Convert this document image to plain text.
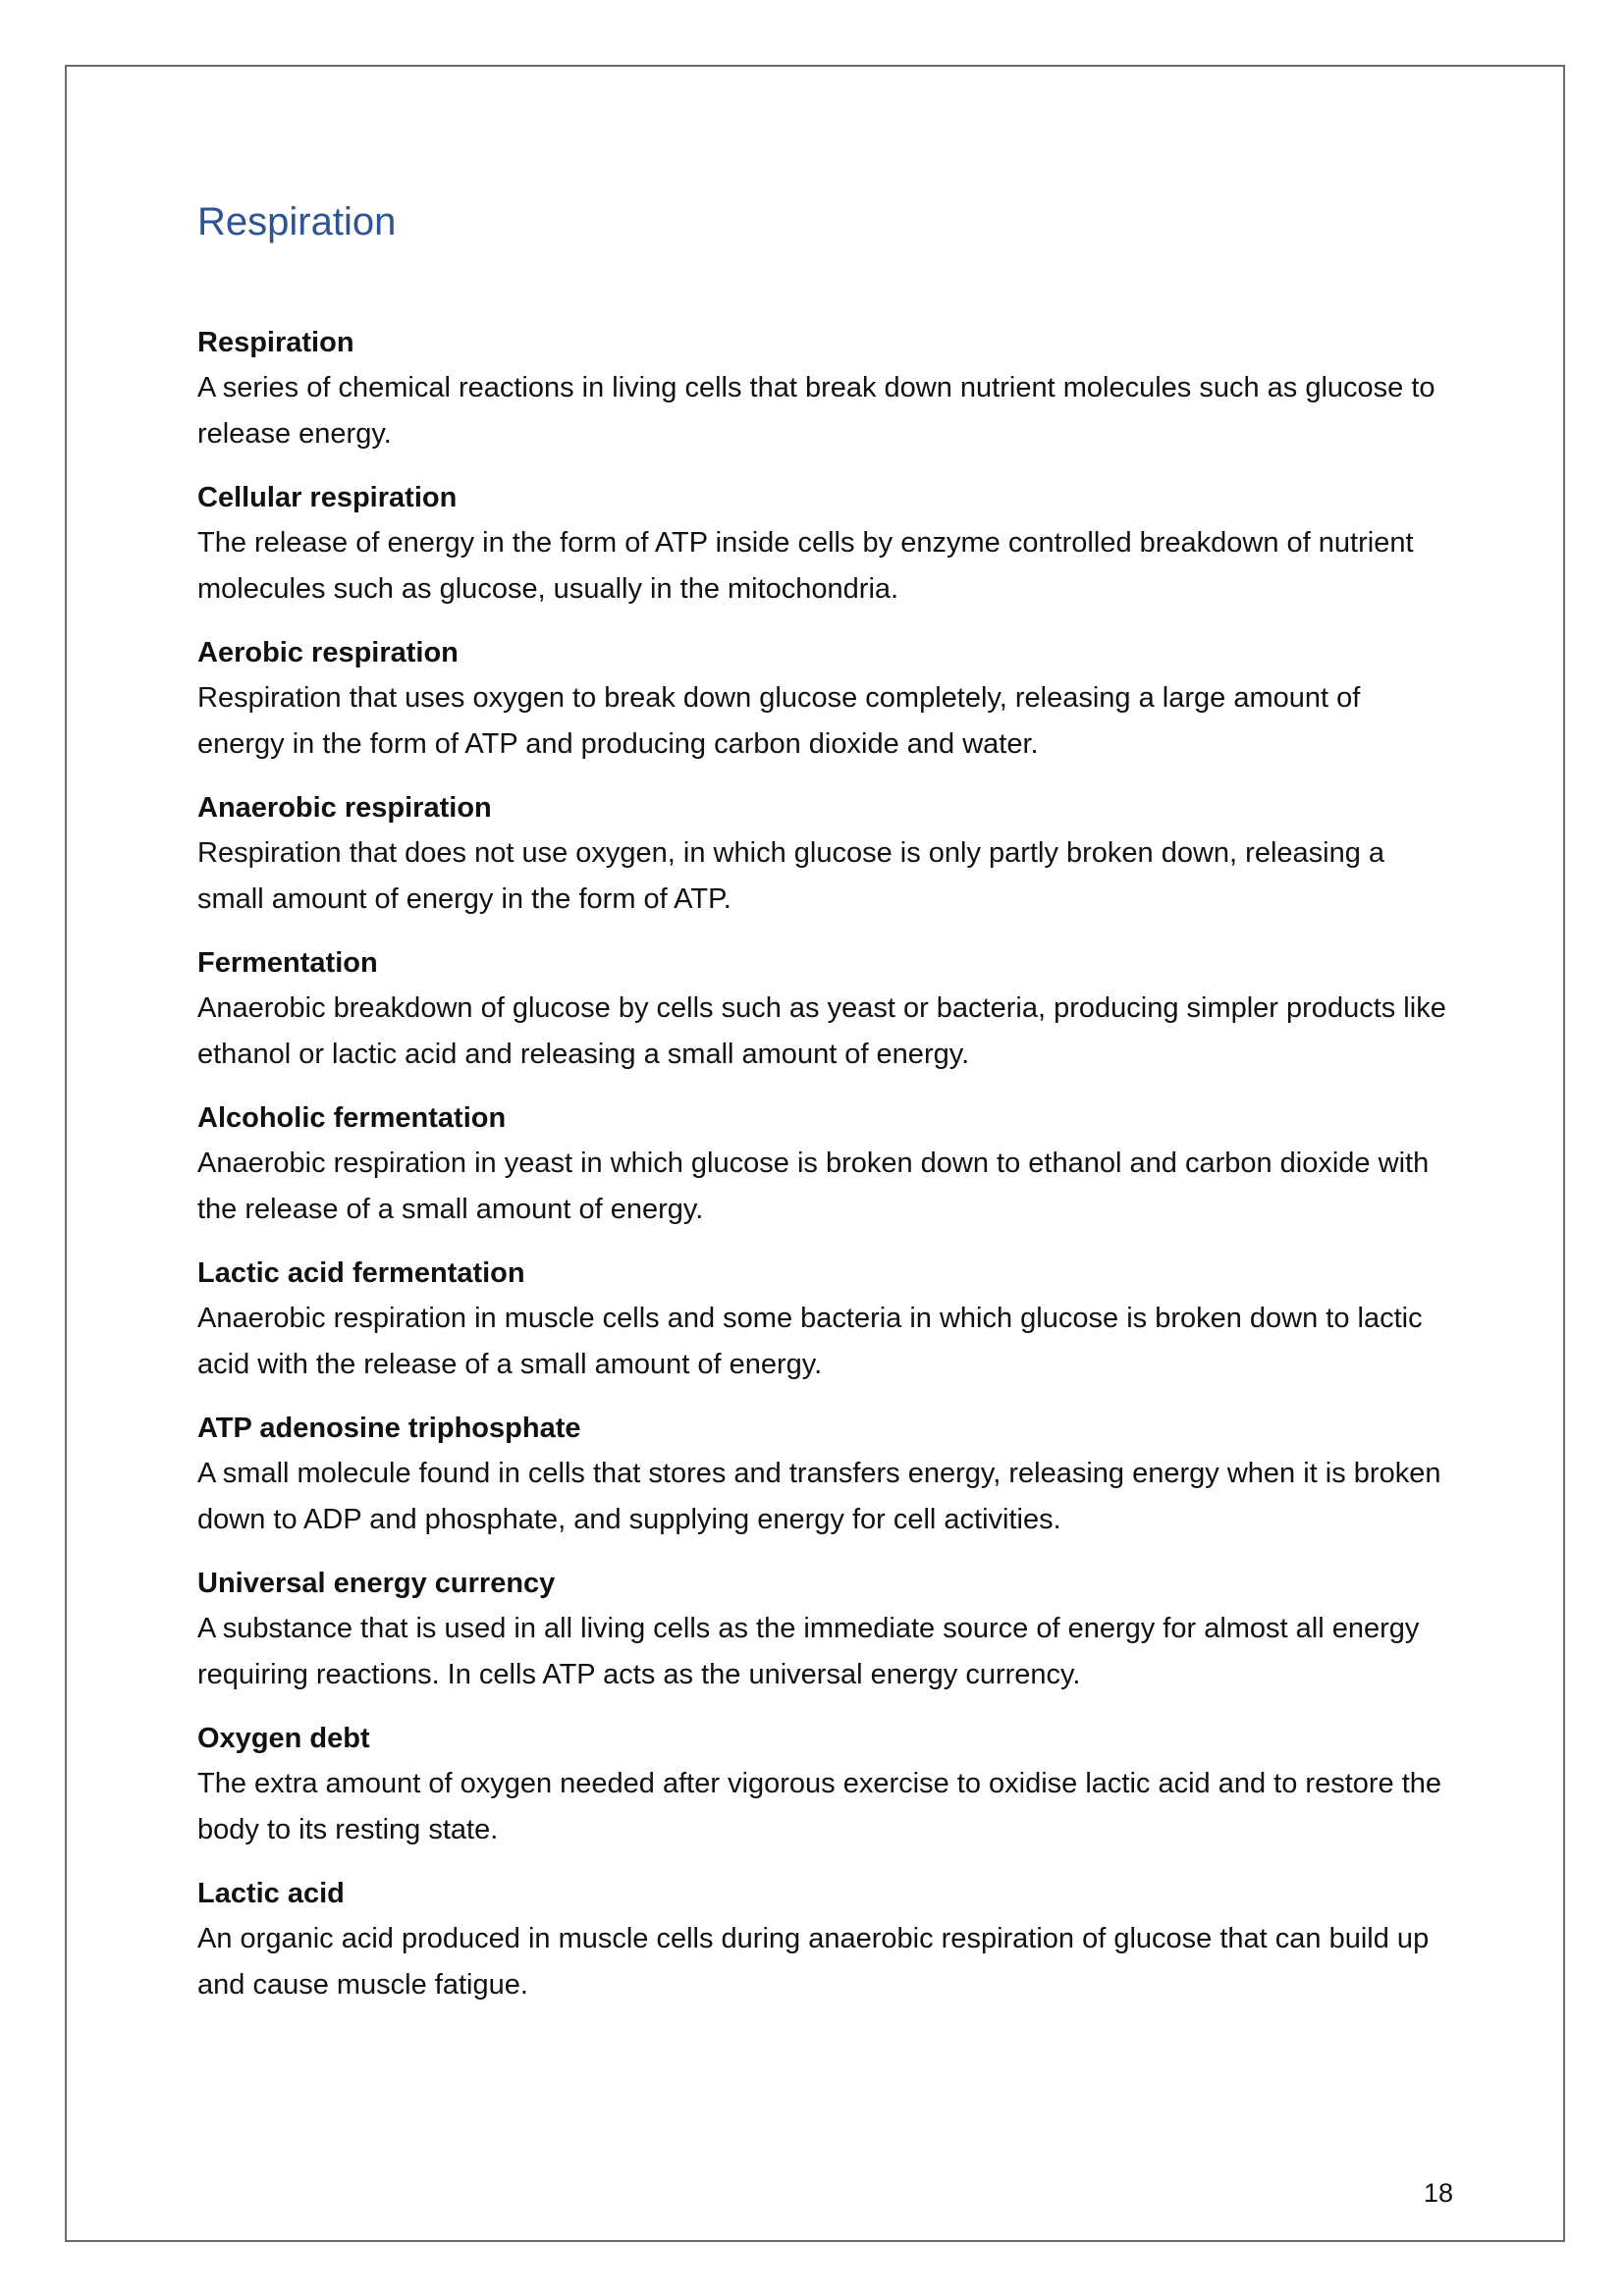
Respiration
Respiration
A series of chemical reactions in living cells that break down nutrient molecules such as glucose to release energy.
Cellular respiration
The release of energy in the form of ATP inside cells by enzyme controlled breakdown of nutrient molecules such as glucose, usually in the mitochondria.
Aerobic respiration
Respiration that uses oxygen to break down glucose completely, releasing a large amount of energy in the form of ATP and producing carbon dioxide and water.
Anaerobic respiration
Respiration that does not use oxygen, in which glucose is only partly broken down, releasing a small amount of energy in the form of ATP.
Fermentation
Anaerobic breakdown of glucose by cells such as yeast or bacteria, producing simpler products like ethanol or lactic acid and releasing a small amount of energy.
Alcoholic fermentation
Anaerobic respiration in yeast in which glucose is broken down to ethanol and carbon dioxide with the release of a small amount of energy.
Lactic acid fermentation
Anaerobic respiration in muscle cells and some bacteria in which glucose is broken down to lactic acid with the release of a small amount of energy.
ATP adenosine triphosphate
A small molecule found in cells that stores and transfers energy, releasing energy when it is broken down to ADP and phosphate, and supplying energy for cell activities.
Universal energy currency
A substance that is used in all living cells as the immediate source of energy for almost all energy requiring reactions. In cells ATP acts as the universal energy currency.
Oxygen debt
The extra amount of oxygen needed after vigorous exercise to oxidise lactic acid and to restore the body to its resting state.
Lactic acid
An organic acid produced in muscle cells during anaerobic respiration of glucose that can build up and cause muscle fatigue.
18
